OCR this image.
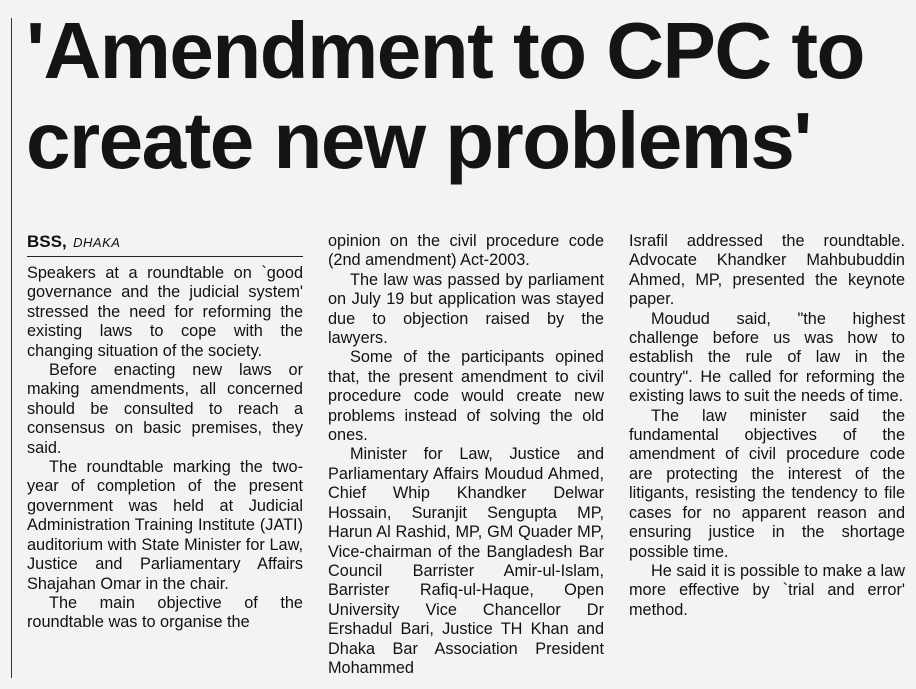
'Amendment to CPC to
create new problems'
BSS, DHAKA

Speakers at a roundtable on `good governance and the judicial system' stressed the need for reforming the existing laws to cope with the changing situation of the society.

Before enacting new laws or making amendments, all concerned should be consulted to reach a consensus on basic premises, they said.

The roundtable marking the two-year of completion of the present government was held at Judicial Administration Training Institute (JATI) auditorium with State Minister for Law, Justice and Parliamentary Affairs Shajahan Omar in the chair.

The main objective of the roundtable was to organise the

opinion on the civil procedure code (2nd amendment) Act-2003.

The law was passed by parliament on July 19 but application was stayed due to objection raised by the lawyers.

Some of the participants opined that, the present amendment to civil procedure code would create new problems instead of solving the old ones.

Minister for Law, Justice and Parliamentary Affairs Moudud Ahmed, Chief Whip Khandker Delwar Hossain, Suranjit Sengupta MP, Harun Al Rashid, MP, GM Quader MP, Vice-chairman of the Bangladesh Bar Council Barrister Amir-ul-Islam, Barrister Rafiq-ul-Haque, Open University Vice Chancellor Dr Ershadul Bari, Justice TH Khan and Dhaka Bar Association President Mohammed

Israfil addressed the roundtable. Advocate Khandker Mahbubuddin Ahmed, MP, presented the keynote paper.

Moudud said, "the highest challenge before us was how to establish the rule of law in the country". He called for reforming the existing laws to suit the needs of time.

The law minister said the fundamental objectives of the amendment of civil procedure code are protecting the interest of the litigants, resisting the tendency to file cases for no apparent reason and ensuring justice in the shortage possible time.

He said it is possible to make a law more effective by `trial and error' method.
